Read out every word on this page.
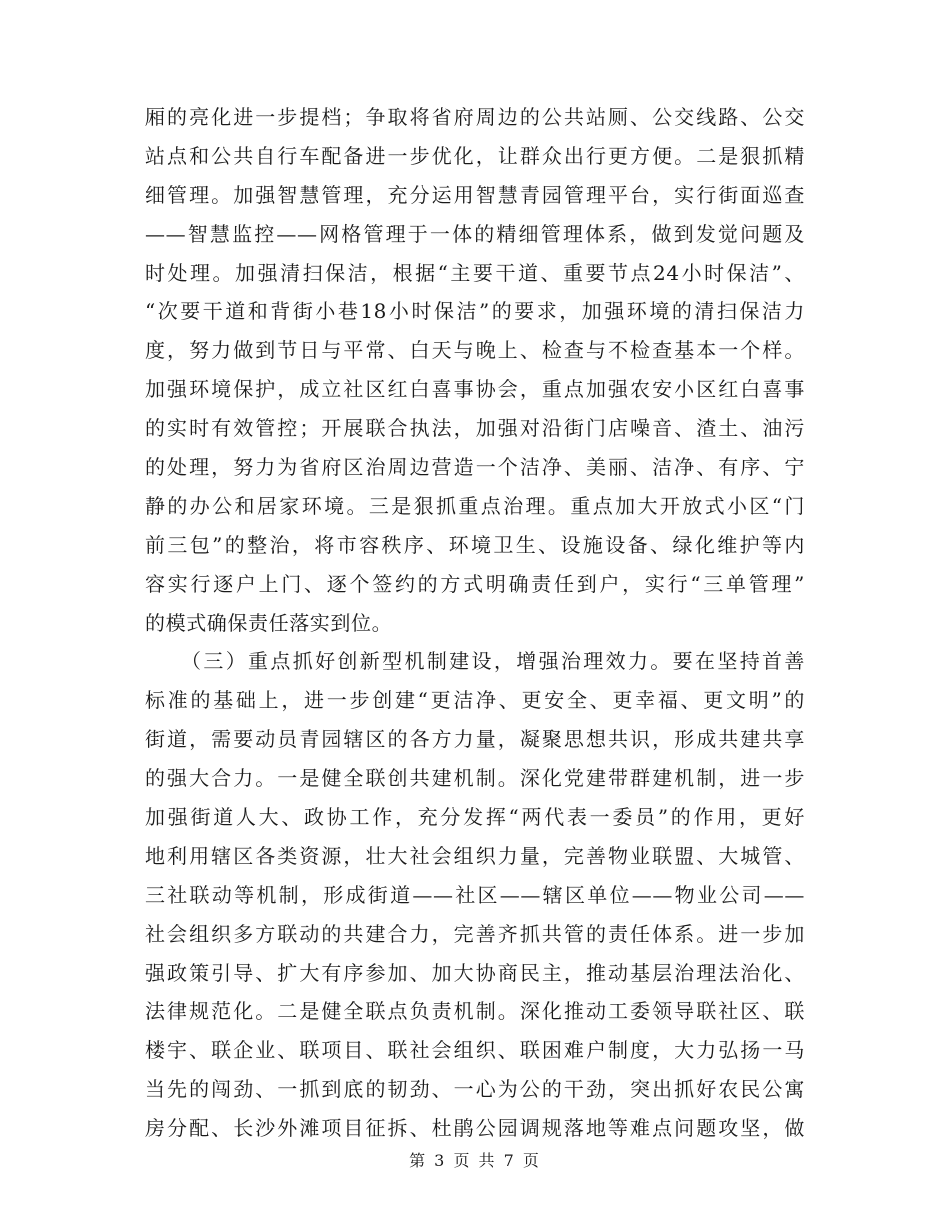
厢的亮化进一步提档；争取将省府周边的公共站厕、公交线路、公交
站点和公共自行车配备进一步优化，让群众出行更方便。二是狠抓精
细管理。加强智慧管理，充分运用智慧青园管理平台，实行街面巡查
——智慧监控——网格管理于一体的精细管理体系，做到发觉问题及
时处理。加强清扫保洁，根据“主要干道、重要节点24小时保洁”、
“次要干道和背街小巷18小时保洁”的要求，加强环境的清扫保洁力
度，努力做到节日与平常、白天与晚上、检查与不检查基本一个样。
加强环境保护，成立社区红白喜事协会，重点加强农安小区红白喜事
的实时有效管控；开展联合执法，加强对沿街门店噪音、渣土、油污
的处理，努力为省府区治周边营造一个洁净、美丽、洁净、有序、宁
静的办公和居家环境。三是狠抓重点治理。重点加大开放式小区“门
前三包”的整治，将市容秩序、环境卫生、设施设备、绿化维护等内
容实行逐户上门、逐个签约的方式明确责任到户，实行“三单管理”
的模式确保责任落实到位。
（三）重点抓好创新型机制建设，增强治理效力。要在坚持首善
标准的基础上，进一步创建“更洁净、更安全、更幸福、更文明”的
街道，需要动员青园辖区的各方力量，凝聚思想共识，形成共建共享
的强大合力。一是健全联创共建机制。深化党建带群建机制，进一步
加强街道人大、政协工作，充分发挥“两代表一委员”的作用，更好
地利用辖区各类资源，壮大社会组织力量，完善物业联盟、大城管、
三社联动等机制，形成街道——社区——辖区单位——物业公司——
社会组织多方联动的共建合力，完善齐抓共管的责任体系。进一步加
强政策引导、扩大有序参加、加大协商民主，推动基层治理法治化、
法律规范化。二是健全联点负责机制。深化推动工委领导联社区、联
楼宇、联企业、联项目、联社会组织、联困难户制度，大力弘扬一马
当先的闯劲、一抓到底的韧劲、一心为公的干劲，突出抓好农民公寓
房分配、长沙外滩项目征拆、杜鹃公园调规落地等难点问题攻坚，做
第 3 页 共 7 页
